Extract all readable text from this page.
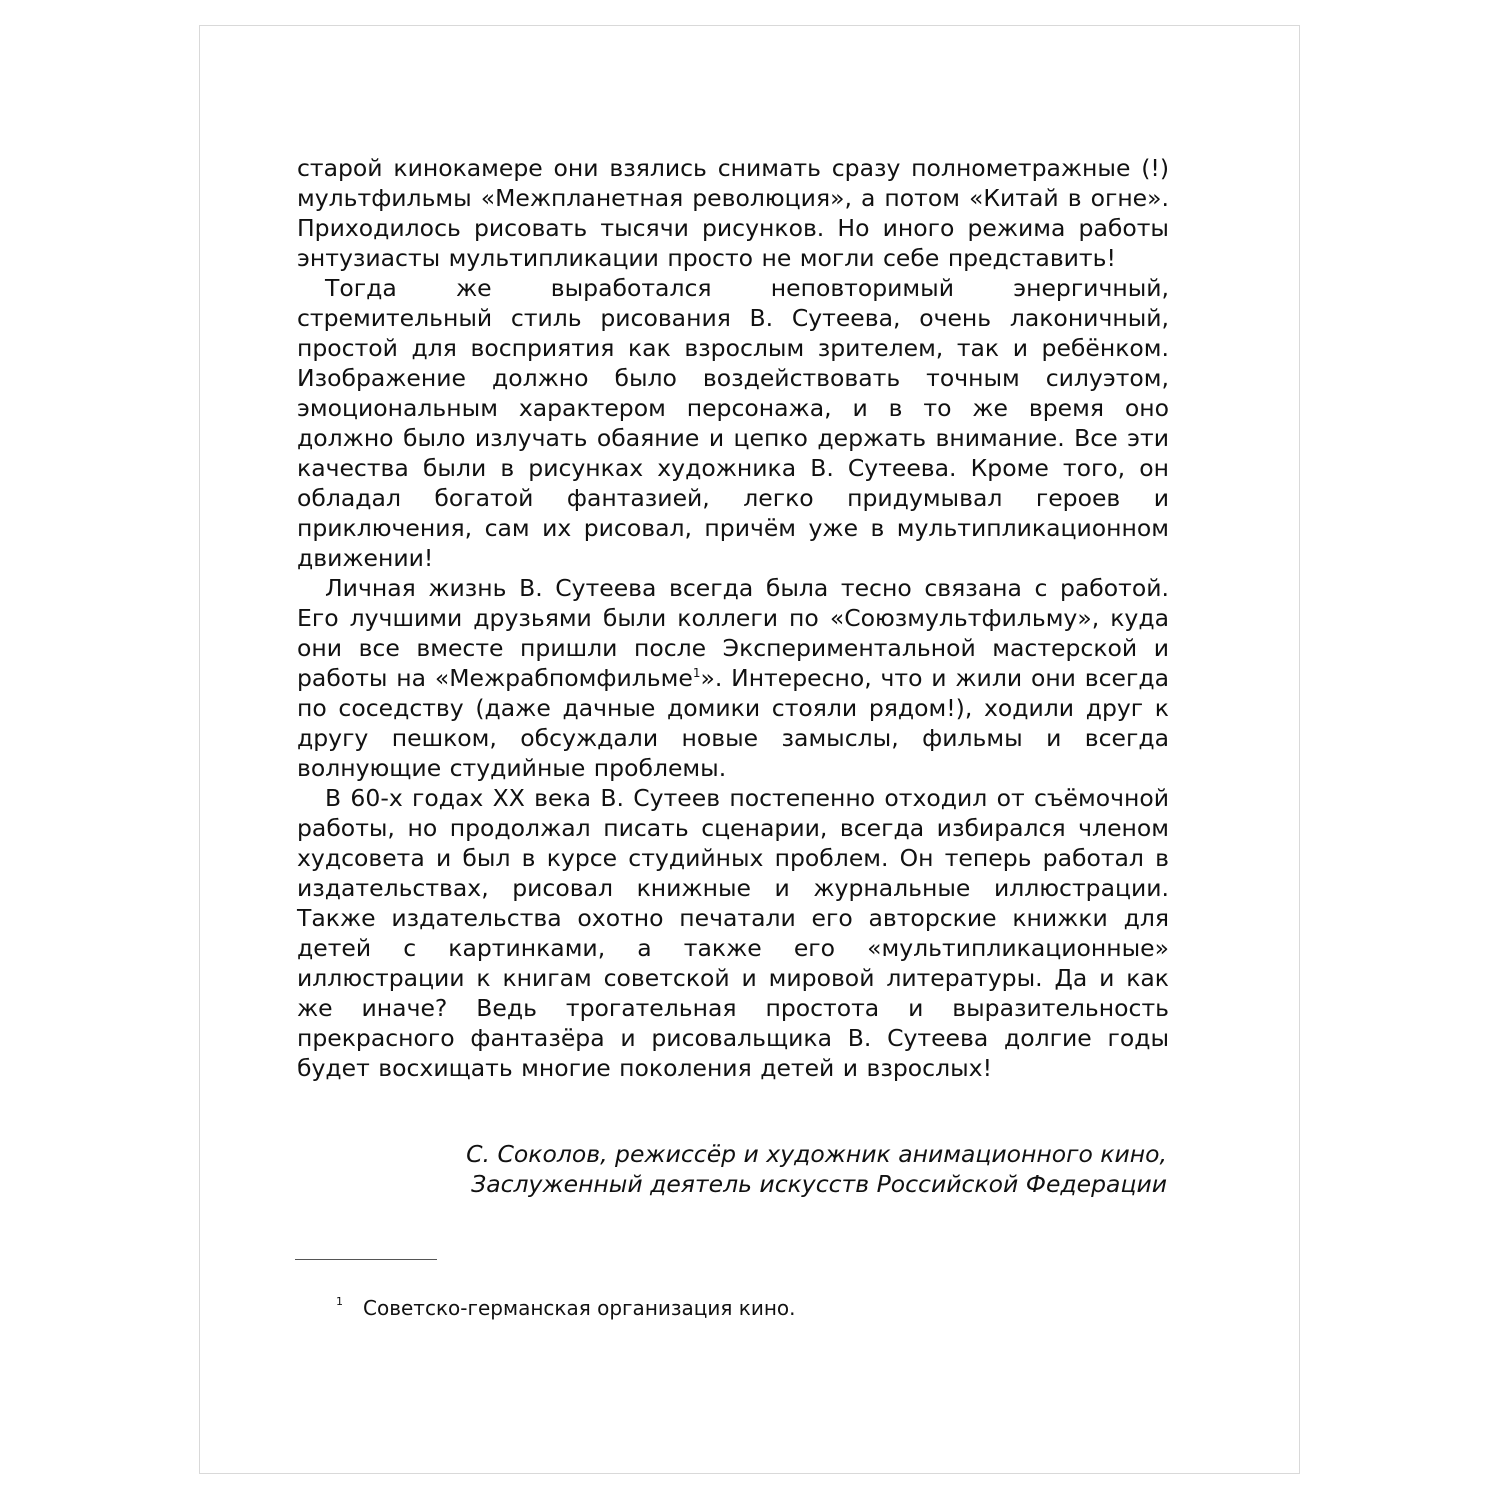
старой кинокамере они взялись снимать сразу полнометражные (!) мультфильмы «Межпланетная революция», а потом «Китай в огне». Приходилось рисовать тысячи рисунков. Но иного режима работы энтузиасты мультипликации просто не могли себе представить!

Тогда же выработался неповторимый энергичный, стремительный стиль рисования В. Сутеева, очень лаконичный, простой для восприятия как взрослым зрителем, так и ребёнком. Изображение должно было воздействовать точным силуэтом, эмоциональным характером персонажа, и в то же время оно должно было излучать обаяние и цепко держать внимание. Все эти качества были в рисунках художника В. Сутеева. Кроме того, он обладал богатой фантазией, легко придумывал героев и приключения, сам их рисовал, причём уже в мультипликационном движении!

Личная жизнь В. Сутеева всегда была тесно связана с работой. Его лучшими друзьями были коллеги по «Союзмультфильму», куда они все вместе пришли после Экспериментальной мастерской и работы на «Межрабпомфильме$^1$». Интересно, что и жили они всегда по соседству (даже дачные домики стояли рядом!), ходили друг к другу пешком, обсуждали новые замыслы, фильмы и всегда волнующие студийные проблемы.

В 60-х годах XX века В. Сутеев постепенно отходил от съёмочной работы, но продолжал писать сценарии, всегда избирался членом худсовета и был в курсе студийных проблем. Он теперь работал в издательствах, рисовал книжные и журнальные иллюстрации. Также издательства охотно печатали его авторские книжки для детей с картинками, а также его «мультипликационные» иллюстрации к книгам советской и мировой литературы. Да и как же иначе? Ведь трогательная простота и выразительность прекрасного фантазёра и рисовальщика В. Сутеева долгие годы будет восхищать многие поколения детей и взрослых!

С. Соколов, режиссёр и художник анимационного кино,
Заслуженный деятель искусств Российской Федерации
1 Советско-германская организация кино.
